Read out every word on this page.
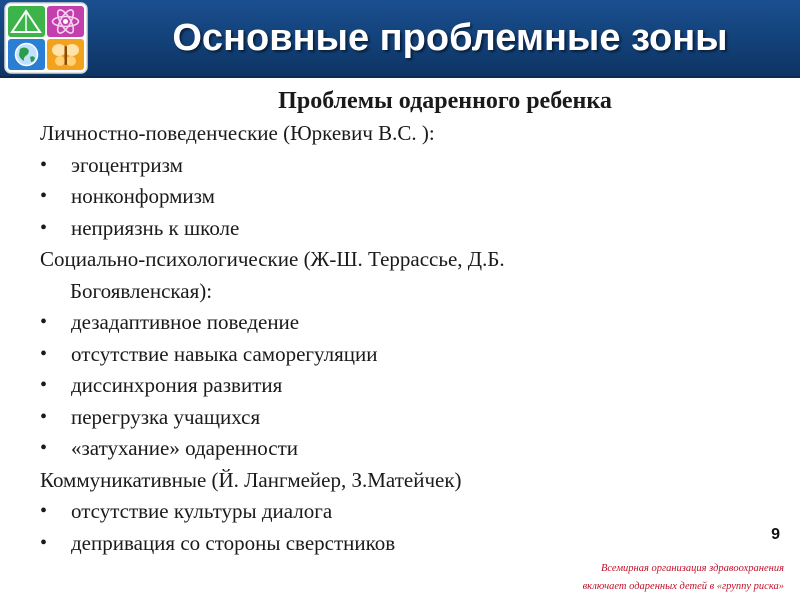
Основные проблемные зоны
Проблемы одаренного ребенка
Личностно-поведенческие (Юркевич В.С. ):
• эгоцентризм
• нонконформизм
• неприязнь к школе
Социально-психологические (Ж-Ш. Террассье, Д.Б.
Богоявленская):
• дезадаптивное поведение
• отсутствие навыка саморегуляции
• диссинхрония развития
• перегрузка учащихся
• «затухание» одаренности
Коммуникативные (Й. Лангмейер, З.Матейчек)
• отсутствие культуры диалога
• депривация со стороны сверстников	9
Всемирная организация здравоохранения
включает одаренных детей в «группу риска»
